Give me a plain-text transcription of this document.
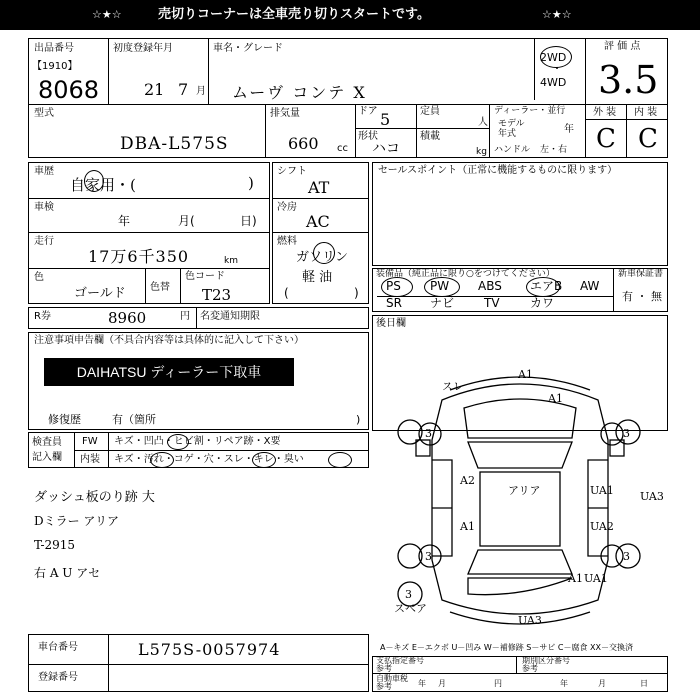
☆★☆	売切りコーナーは全車売り切りスタートです。	☆★☆
出品番号
【1910】
8068
初度登録年月
21 7 月
車名・グレード
ムーヴ コンテ X
2WD
・
4WD
評 価 点
3.5
外 装 内 装
C C
型式
DBA-L575S
排気量
660 cc
ドア 5
形状
ハコ
定員
人
積載
kg
ディーラー・並行
モデル
年式	年
ハンドル 左・右
車歴
自家用・(	)
車検
年	月(	日)
走行
17万6千350	km
色
ゴールド 色替
色コード
T23
シフト
AT
冷房
AC
燃料
ガソリン
軽 油
(	)
セールスポイント（正常に機能するものに限ります）
装備品（純正品に限り○をつけてください）
PS PW ABS エアB AW
SR ナビ TV	カワ
新車保証書
有 ・ 無
R券	8960	円 名変通知期限
注意事項申告欄（不具合内容等は具体的に記入して下さい）
DAIHATSU ディーラー下取車
修復歴	有（箇所	)
検査員
記入欄
FW キズ・凹凸・ヒビ割・リペア跡・X要
内装 キズ・汚れ・コゲ・穴・スレ・キレ・臭い
ダッシュ板のり跡 大
Dミラー アリア
T-2915
右 A U アセ
後日欄
A1
スレ
A1
3	3
A2
アリア	UA1 UA3
A1	UA2
3	3
A1 UA1
UA3
スペア
3
車台番号	L575S-0057974
登録番号
A－キズ E－エクボ U－凹み W－補修跡 S－サビ C－腐食 XX－交換済
支払指定番号
参考
期別区分番号
参考
自動車税
参考	年 月	円	年	月	日
